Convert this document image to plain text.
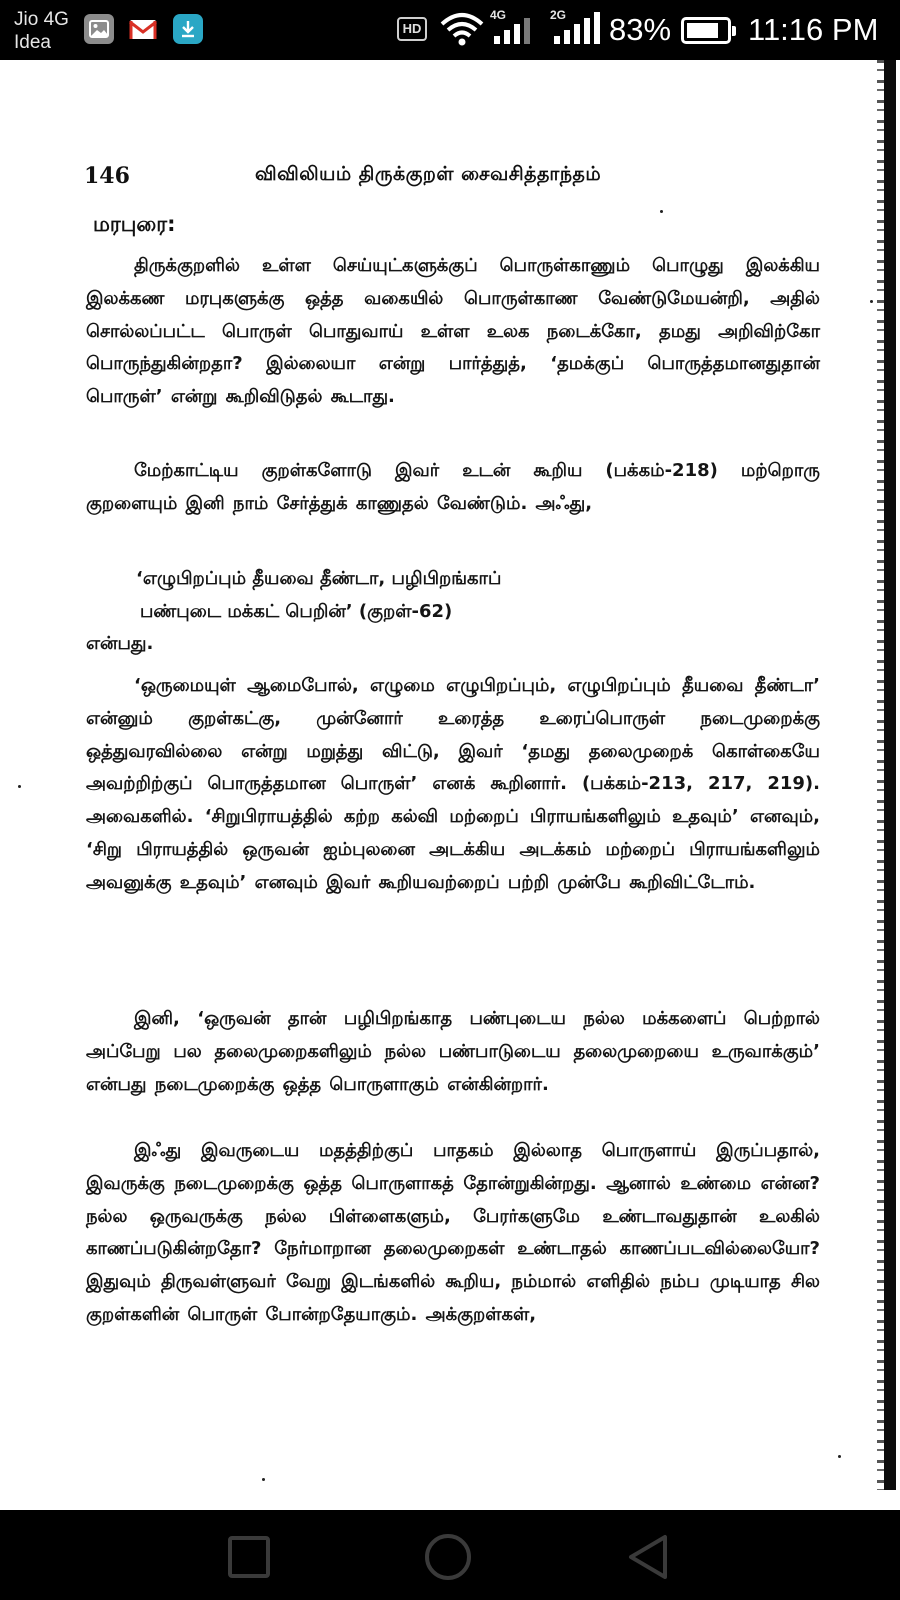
Jio 4G
Idea
HD
4G	2G 83% 11:16 PM
146	விவிலியம் திருக்குறள் சைவசித்தாந்தம்
மரபுரை:

திருக்குறளில் உள்ள செய்யுட்களுக்குப் பொருள்காணும் பொழுது இலக்கிய இலக்கண மரபுகளுக்கு ஒத்த வகையில் பொருள்காண வேண்டுமேயன்றி, அதில் சொல்லப்பட்ட பொருள் பொதுவாய் உள்ள உலக நடைக்கோ, தமது அறிவிற்கோ பொருந்துகின்றதா? இல்லையா என்று பார்த்துத், ‘தமக்குப் பொருத்தமானதுதான் பொருள்’ என்று கூறிவிடுதல் கூடாது.

மேற்காட்டிய குறள்களோடு இவர் உடன் கூறிய (பக்கம்-218) மற்றொரு குறளையும் இனி நாம் சேர்த்துக் காணுதல் வேண்டும். அஃது,

‘எழுபிறப்பும் தீயவை தீண்டா, பழிபிறங்காப்
பண்புடை மக்கட் பெறின்’ (குறள்-62)
என்பது.

‘ஒருமையுள் ஆமைபோல், எழுமை எழுபிறப்பும், எழுபிறப்பும் தீயவை தீண்டா’ என்னும் குறள்கட்கு, முன்னோர் உரைத்த உரைப்பொருள் நடைமுறைக்கு ஒத்துவரவில்லை என்று மறுத்து விட்டு, இவர் ‘தமது தலைமுறைக் கொள்கையே அவற்றிற்குப் பொருத்தமான பொருள்’ எனக் கூறினார். (பக்கம்-213, 217, 219). அவைகளில். ‘சிறுபிராயத்தில் கற்ற கல்வி மற்றைப் பிராயங்களிலும் உதவும்’ எனவும், ‘சிறு பிராயத்தில் ஒருவன் ஐம்புலனை அடக்கிய அடக்கம் மற்றைப் பிராயங்களிலும் அவனுக்கு உதவும்’ எனவும் இவர் கூறியவற்றைப் பற்றி முன்பே கூறிவிட்டோம்.

இனி, ‘ஒருவன் தான் பழிபிறங்காத பண்புடைய நல்ல மக்களைப் பெற்றால் அப்பேறு பல தலைமுறைகளிலும் நல்ல பண்பாடுடைய தலைமுறையை உருவாக்கும்’ என்பது நடைமுறைக்கு ஒத்த பொருளாகும் என்கின்றார்.

இஃது இவருடைய மதத்திற்குப் பாதகம் இல்லாத பொருளாய் இருப்பதால், இவருக்கு நடைமுறைக்கு ஒத்த பொருளாகத் தோன்றுகின்றது. ஆனால் உண்மை என்ன? நல்ல ஒருவருக்கு நல்ல பிள்ளைகளும், பேரர்களுமே உண்டாவதுதான் உலகில் காணப்படுகின்றதோ? நேர்மாறான தலைமுறைகள் உண்டாதல் காணப்படவில்லையோ? இதுவும் திருவள்ளுவர் வேறு இடங்களில் கூறிய, நம்மால் எளிதில் நம்ப முடியாத சில குறள்களின் பொருள் போன்றதேயாகும். அக்குறள்கள்,
